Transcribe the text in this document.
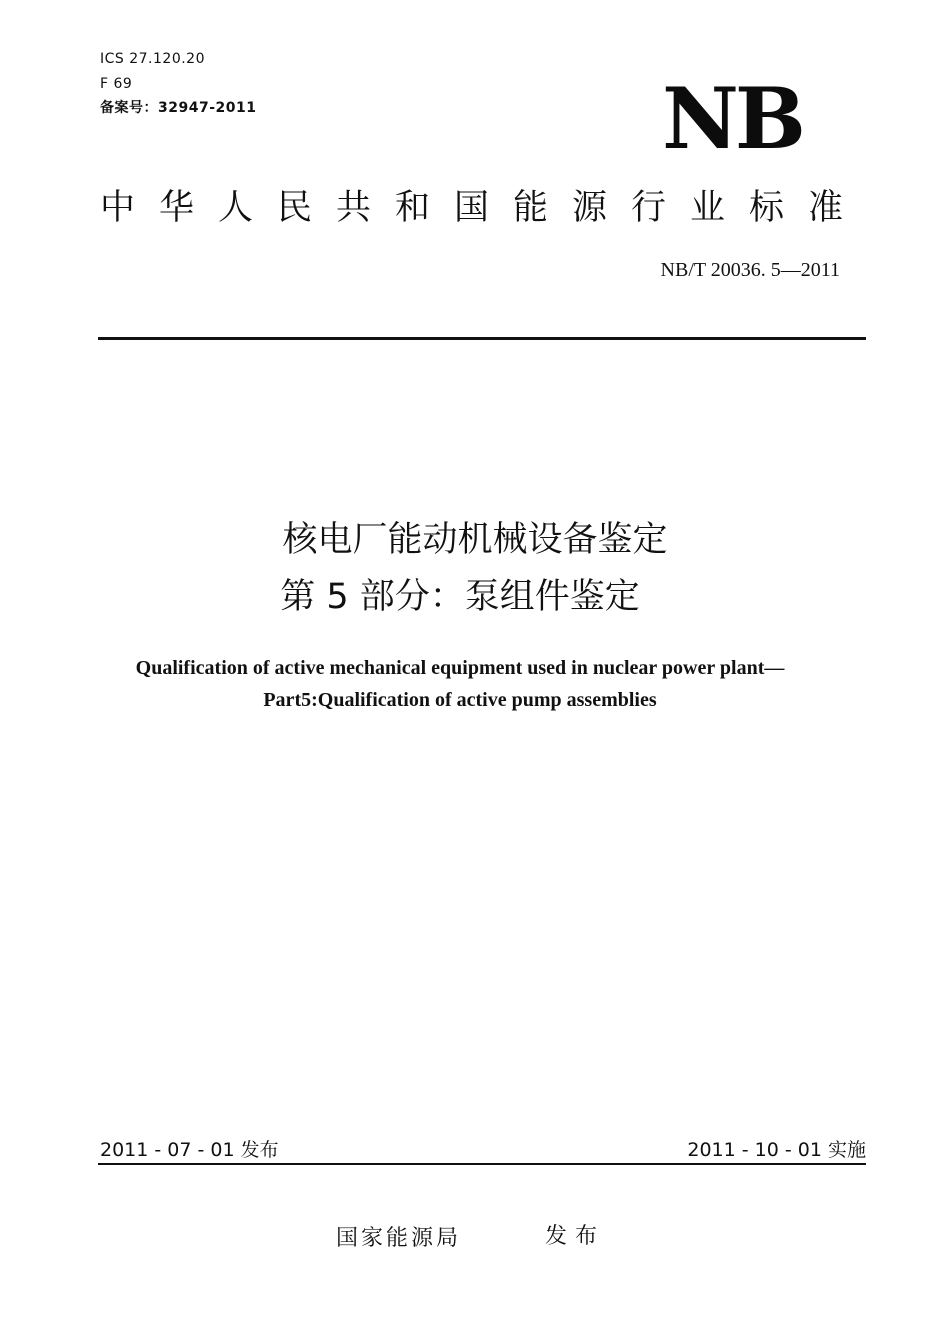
ICS 27.120.20
F 69
备案号：32947-2011	NB
中华人民共和国能源行业标准
NB/T 20036. 5—2011
核电厂能动机械设备鉴定
第 5 部分：泵组件鉴定
Qualification of active mechanical equipment used in nuclear power plant—
Part5:Qualification of active pump assemblies
2011 - 07 - 01 发布	2011 - 10 - 01 实施
国家能源局	发布
